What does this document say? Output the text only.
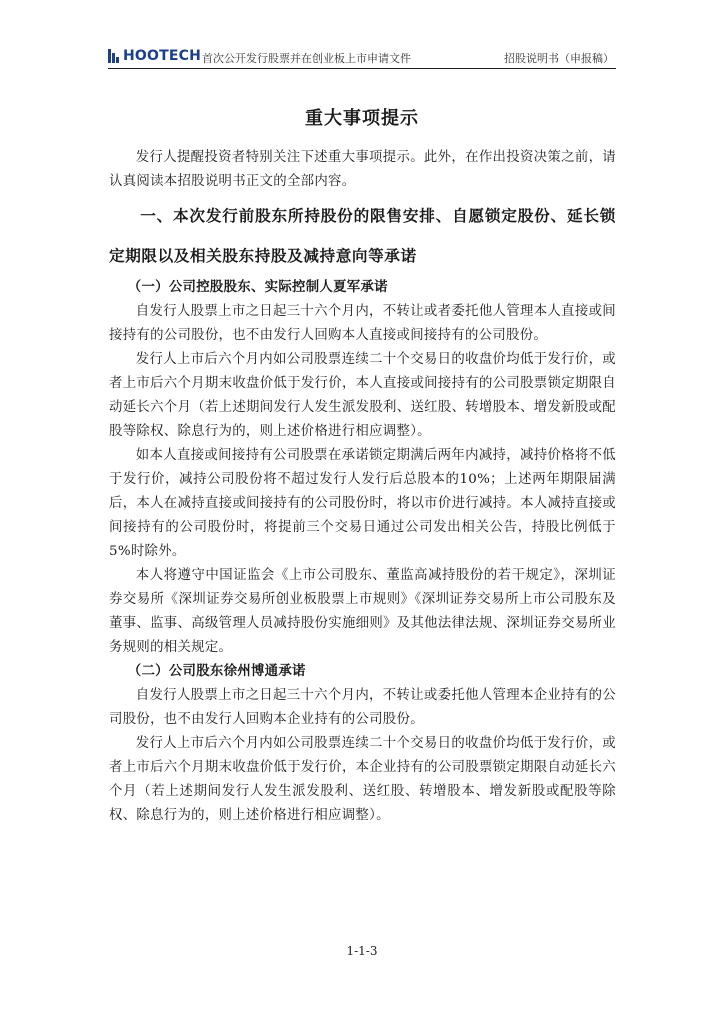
HOOTECH 首次公开发行股票并在创业板上市申请文件	招股说明书（申报稿）
重大事项提示

发行人提醒投资者特别关注下述重大事项提示。此外，在作出投资决策之前，请认真阅读本招股说明书正文的全部内容。

一、本次发行前股东所持股份的限售安排、自愿锁定股份、延长锁定期限以及相关股东持股及减持意向等承诺

（一）公司控股股东、实际控制人夏军承诺

自发行人股票上市之日起三十六个月内，不转让或者委托他人管理本人直接或间接持有的公司股份，也不由发行人回购本人直接或间接持有的公司股份。

发行人上市后六个月内如公司股票连续二十个交易日的收盘价均低于发行价，或者上市后六个月期末收盘价低于发行价，本人直接或间接持有的公司股票锁定期限自动延长六个月（若上述期间发行人发生派发股利、送红股、转增股本、增发新股或配股等除权、除息行为的，则上述价格进行相应调整）。

如本人直接或间接持有公司股票在承诺锁定期满后两年内减持，减持价格将不低于发行价，减持公司股份将不超过发行人发行后总股本的10%；上述两年期限届满后，本人在减持直接或间接持有的公司股份时，将以市价进行减持。本人减持直接或间接持有的公司股份时，将提前三个交易日通过公司发出相关公告，持股比例低于5%时除外。

本人将遵守中国证监会《上市公司股东、董监高减持股份的若干规定》，深圳证券交易所《深圳证券交易所创业板股票上市规则》《深圳证券交易所上市公司股东及董事、监事、高级管理人员减持股份实施细则》及其他法律法规、深圳证券交易所业务规则的相关规定。

（二）公司股东徐州博通承诺

自发行人股票上市之日起三十六个月内，不转让或委托他人管理本企业持有的公司股份，也不由发行人回购本企业持有的公司股份。

发行人上市后六个月内如公司股票连续二十个交易日的收盘价均低于发行价，或者上市后六个月期末收盘价低于发行价，本企业持有的公司股票锁定期限自动延长六个月（若上述期间发行人发生派发股利、送红股、转增股本、增发新股或配股等除权、除息行为的，则上述价格进行相应调整）。

1-1-3
